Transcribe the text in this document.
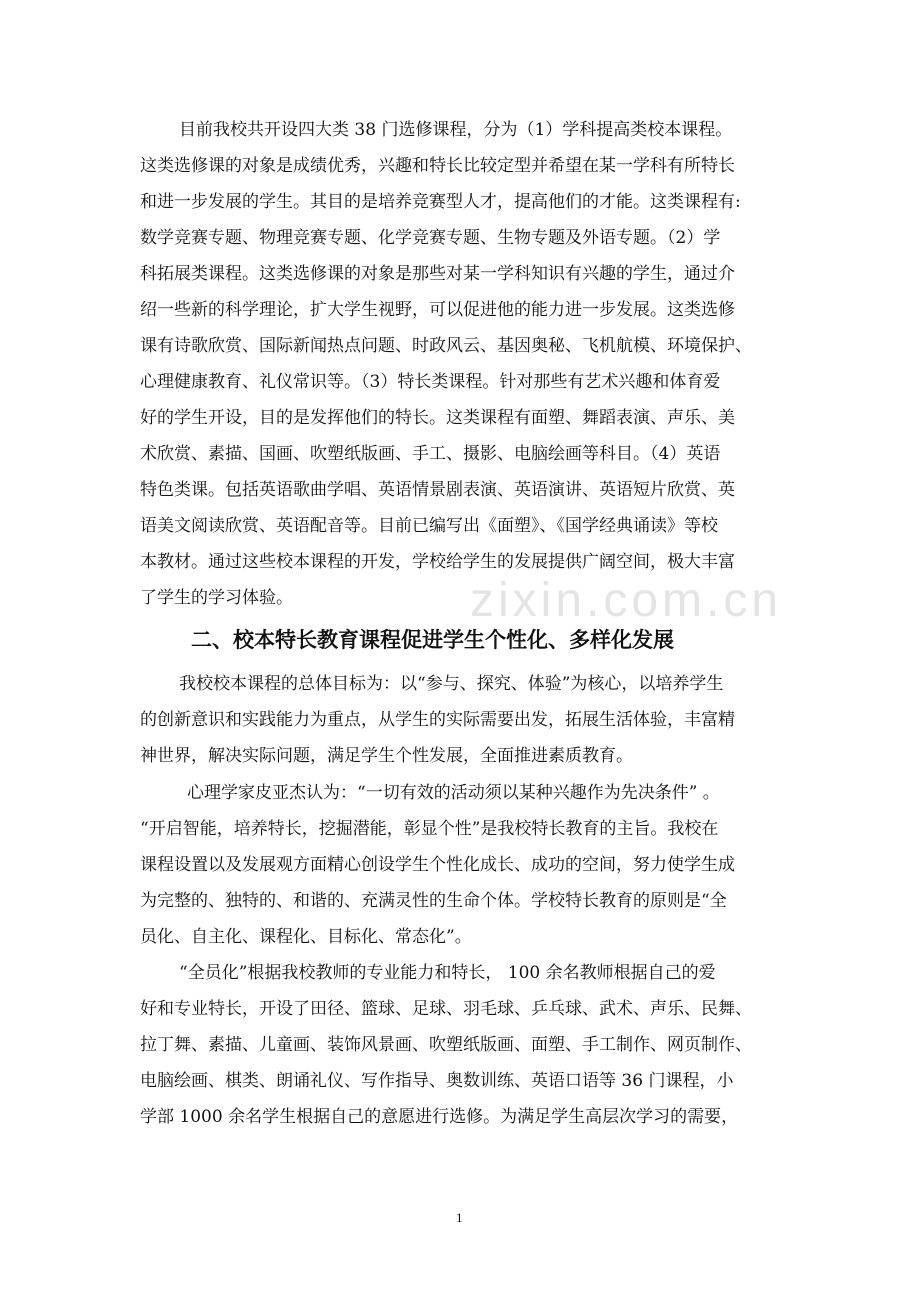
zixin.com.cn
目前我校共开设四大类 38 门选修课程，分为（1）学科提高类校本课程。
这类选修课的对象是成绩优秀，兴趣和特长比较定型并希望在某一学科有所特长
和进一步发展的学生。其目的是培养竞赛型人才，提高他们的才能。这类课程有:
数学竞赛专题、物理竞赛专题、化学竞赛专题、生物专题及外语专题。（2）学
科拓展类课程。这类选修课的对象是那些对某一学科知识有兴趣的学生，通过介
绍一些新的科学理论，扩大学生视野，可以促进他的能力进一步发展。这类选修
课有诗歌欣赏、国际新闻热点问题、时政风云、基因奥秘、飞机航模、环境保护、
心理健康教育、礼仪常识等。（3）特长类课程。针对那些有艺术兴趣和体育爱
好的学生开设，目的是发挥他们的特长。这类课程有面塑、舞蹈表演、声乐、美
术欣赏、素描、国画、吹塑纸版画、手工、摄影、电脑绘画等科目。（4）英语
特色类课。包括英语歌曲学唱、英语情景剧表演、英语演讲、英语短片欣赏、英
语美文阅读欣赏、英语配音等。目前已编写出《面塑》、《国学经典诵读》等校
本教材。通过这些校本课程的开发，学校给学生的发展提供广阔空间，极大丰富
了学生的学习体验。
二、校本特长教育课程促进学生个性化、多样化发展
我校校本课程的总体目标为：以“参与、探究、体验”为核心，以培养学生
的创新意识和实践能力为重点，从学生的实际需要出发，拓展生活体验，丰富精
神世界，解决实际问题，满足学生个性发展，全面推进素质教育。
心理学家皮亚杰认为：“一切有效的活动须以某种兴趣作为先决条件” 。
“开启智能，培养特长，挖掘潜能，彰显个性”是我校特长教育的主旨。我校在
课程设置以及发展观方面精心创设学生个性化成长、成功的空间，努力使学生成
为完整的、独特的、和谐的、充满灵性的生命个体。学校特长教育的原则是“全
员化、自主化、课程化、目标化、常态化”。
“全员化”根据我校教师的专业能力和特长， 100 余名教师根据自己的爱
好和专业特长，开设了田径、篮球、足球、羽毛球、乒乓球、武术、声乐、民舞、
拉丁舞、素描、儿童画、装饰风景画、吹塑纸版画、面塑、手工制作、网页制作、
电脑绘画、棋类、朗诵礼仪、写作指导、奥数训练、英语口语等 36 门课程，小
学部 1000 余名学生根据自己的意愿进行选修。为满足学生高层次学习的需要，
1
